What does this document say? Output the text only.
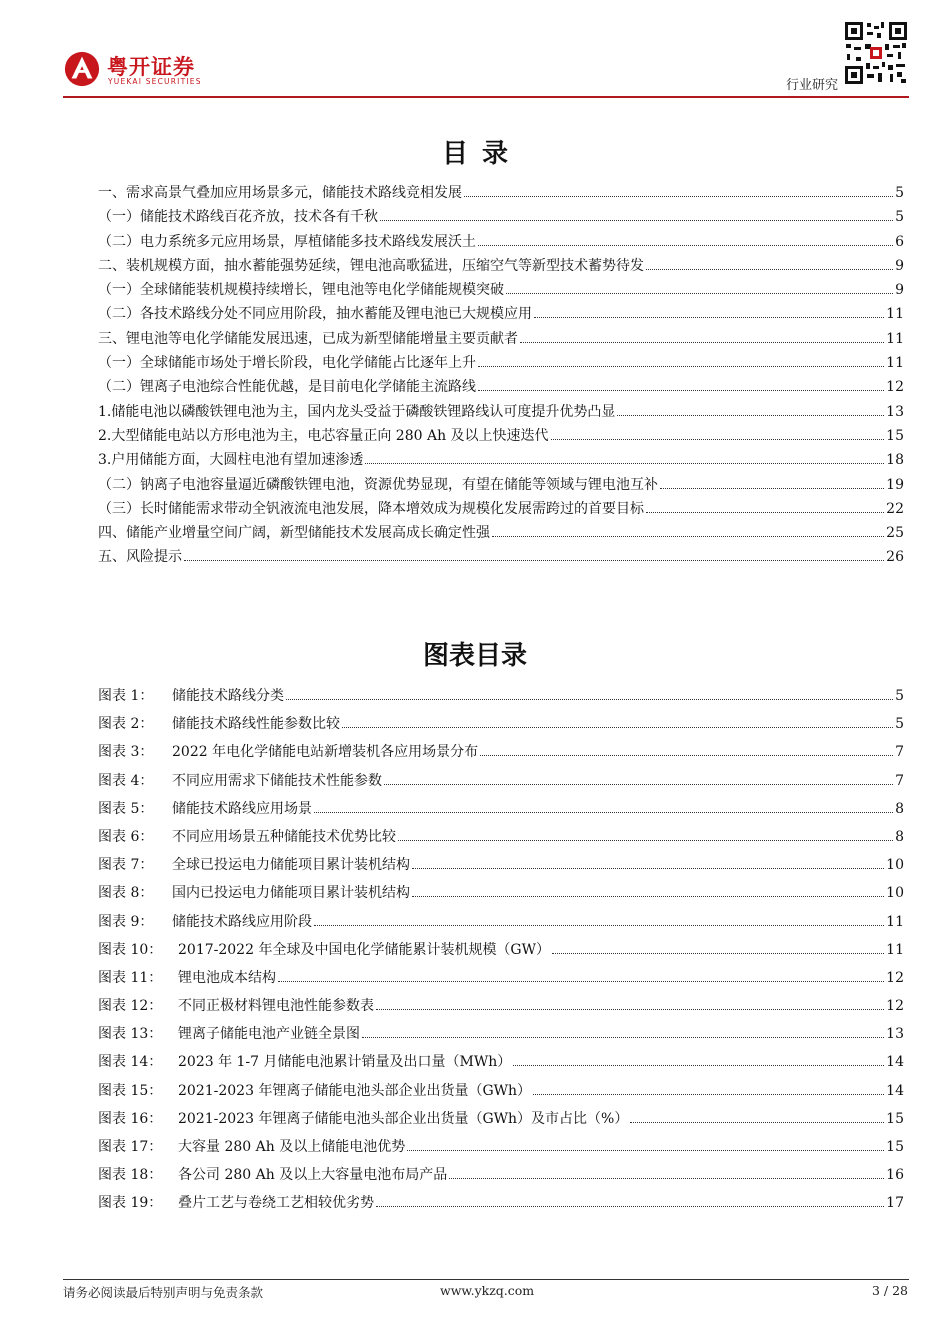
粤开证券
YUEKAI SECURITIES	行业研究
目录
一、需求高景气叠加应用场景多元，储能技术路线竞相发展	5
（一）储能技术路线百花齐放，技术各有千秋	5
（二）电力系统多元应用场景，厚植储能多技术路线发展沃土	6
二、装机规模方面，抽水蓄能强势延续，锂电池高歌猛进，压缩空气等新型技术蓄势待发	9
（一）全球储能装机规模持续增长，锂电池等电化学储能规模突破	9
（二）各技术路线分处不同应用阶段，抽水蓄能及锂电池已大规模应用	11
三、锂电池等电化学储能发展迅速，已成为新型储能增量主要贡献者	11
（一）全球储能市场处于增长阶段，电化学储能占比逐年上升	11
（二）锂离子电池综合性能优越，是目前电化学储能主流路线	12
1.储能电池以磷酸铁锂电池为主，国内龙头受益于磷酸铁锂路线认可度提升优势凸显	13
2.大型储能电站以方形电池为主，电芯容量正向 280 Ah 及以上快速迭代	15
3.户用储能方面，大圆柱电池有望加速渗透	18
（二）钠离子电池容量逼近磷酸铁锂电池，资源优势显现，有望在储能等领域与锂电池互补	19
（三）长时储能需求带动全钒液流电池发展，降本增效成为规模化发展需跨过的首要目标	22
四、储能产业增量空间广阔，新型储能技术发展高成长确定性强	25
五、风险提示	26
图表目录
图表 1：	储能技术路线分类	5
图表 2：	储能技术路线性能参数比较	5
图表 3：	2022 年电化学储能电站新增装机各应用场景分布	7
图表 4：	不同应用需求下储能技术性能参数	7
图表 5：	储能技术路线应用场景	8
图表 6：	不同应用场景五种储能技术优势比较	8
图表 7：	全球已投运电力储能项目累计装机结构	10
图表 8：	国内已投运电力储能项目累计装机结构	10
图表 9：	储能技术路线应用阶段	11
图表 10：	2017-2022 年全球及中国电化学储能累计装机规模（GW）	11
图表 11：	锂电池成本结构	12
图表 12：	不同正极材料锂电池性能参数表	12
图表 13：	锂离子储能电池产业链全景图	13
图表 14：	2023 年 1-7 月储能电池累计销量及出口量（MWh）	14
图表 15：	2021-2023 年锂离子储能电池头部企业出货量（GWh）	14
图表 16：	2021-2023 年锂离子储能电池头部企业出货量（GWh）及市占比（%）	15
图表 17：	大容量 280 Ah 及以上储能电池优势	15
图表 18：	各公司 280 Ah 及以上大容量电池布局产品	16
图表 19：	叠片工艺与卷绕工艺相较优劣势	17
请务必阅读最后特别声明与免责条款	www.ykzq.com	3 / 28
